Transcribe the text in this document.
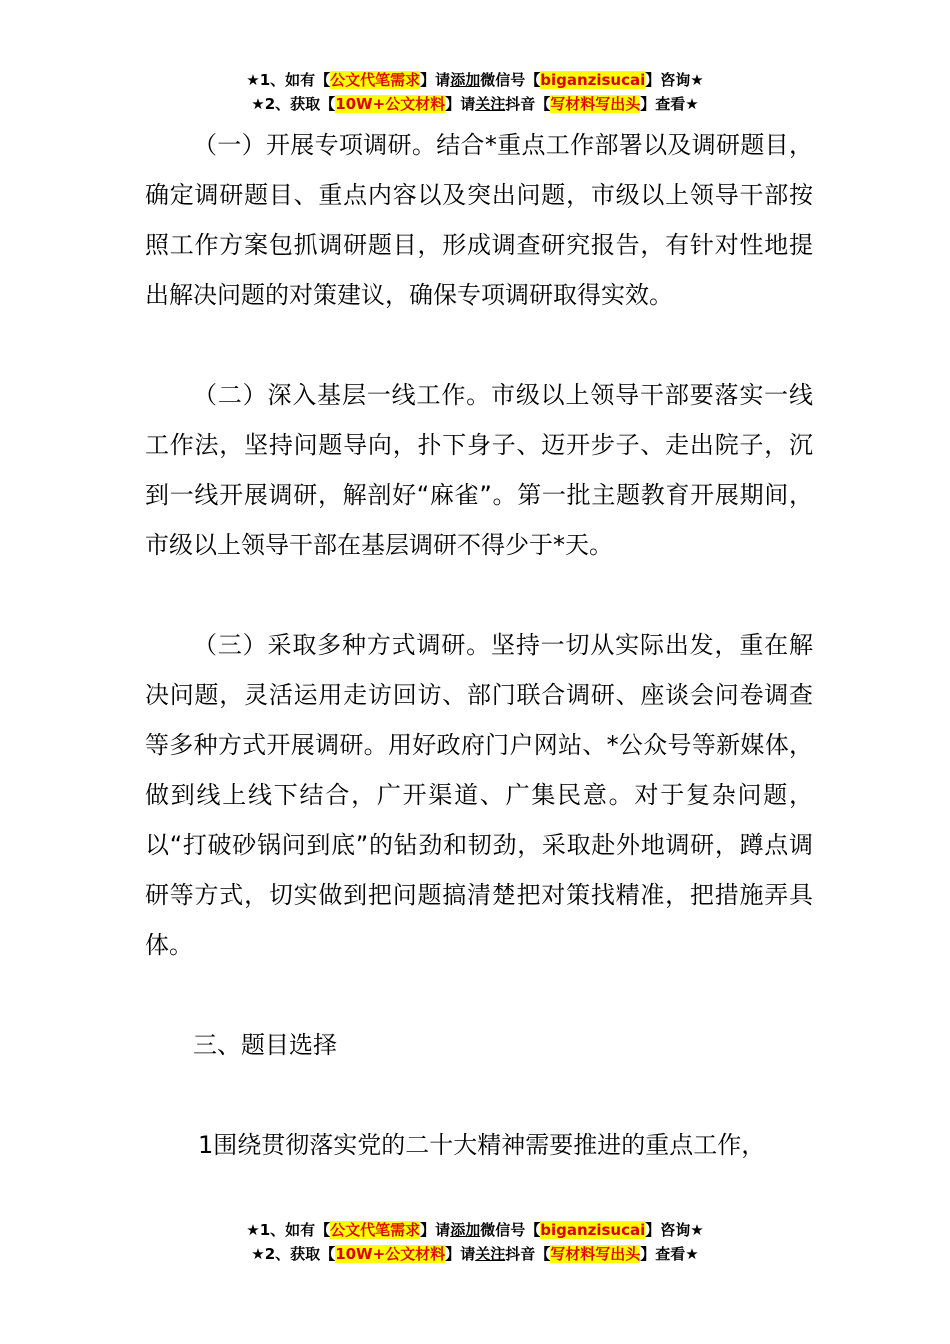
★1、如有【公文代笔需求】请添加微信号【biganzisucai】咨询★
★2、获取【10W+公文材料】请关注抖音【写材料写出头】查看★

（一）开展专项调研。结合*重点工作部署以及调研题目，确定调研题目、重点内容以及突出问题，市级以上领导干部按照工作方案包抓调研题目，形成调查研究报告，有针对性地提出解决问题的对策建议，确保专项调研取得实效。

（二）深入基层一线工作。市级以上领导干部要落实一线工作法，坚持问题导向，扑下身子、迈开步子、走出院子，沉到一线开展调研，解剖好“麻雀”。第一批主题教育开展期间，市级以上领导干部在基层调研不得少于*天。

（三）采取多种方式调研。坚持一切从实际出发，重在解决问题，灵活运用走访回访、部门联合调研、座谈会问卷调查等多种方式开展调研。用好政府门户网站、*公众号等新媒体，做到线上线下结合，广开渠道、广集民意。对于复杂问题，以“打破砂锅问到底”的钻劲和韧劲，采取赴外地调研，蹲点调研等方式，切实做到把问题搞清楚把对策找精准，把措施弄具体。

三、题目选择

1围绕贯彻落实党的二十大精神需要推进的重点工作，

★1、如有【公文代笔需求】请添加微信号【biganzisucai】咨询★
★2、获取【10W+公文材料】请关注抖音【写材料写出头】查看★
